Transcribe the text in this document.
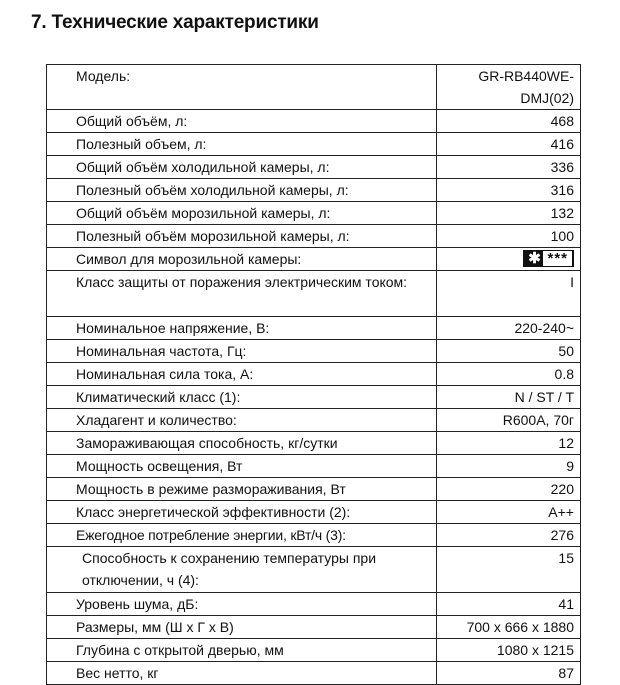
7. Технические характеристики
Модель:	GR-RB440WE-DMJ(02)
Общий объём, л:	468
Полезный объем, л:	416
Общий объём холодильной камеры, л:	336
Полезный объём холодильной камеры, л:	316
Общий объём морозильной камеры, л:	132
Полезный объём морозильной камеры, л:	100
Символ для морозильной камеры:	✱ ***
Класс защиты от поражения электрическим током:	I
Номинальное напряжение, В:	220-240~
Номинальная частота, Гц:	50
Номинальная сила тока, А:	0.8
Климатический класс (1):	N / ST / T
Хладагент и количество:	R600A, 70г
Замораживающая способность, кг/сутки	12
Мощность освещения, Вт	9
Мощность в режиме размораживания, Вт	220
Класс энергетической эффективности (2):	A++
Ежегодное потребление энергии, кВт/ч (3):	276
Способность к сохранению температуры при отключении, ч (4):	15
Уровень шума, дБ:	41
Размеры, мм (Ш х Г х В)	700 x 666 x 1880
Глубина с открытой дверью, мм	1080 x 1215
Вес нетто, кг	87
